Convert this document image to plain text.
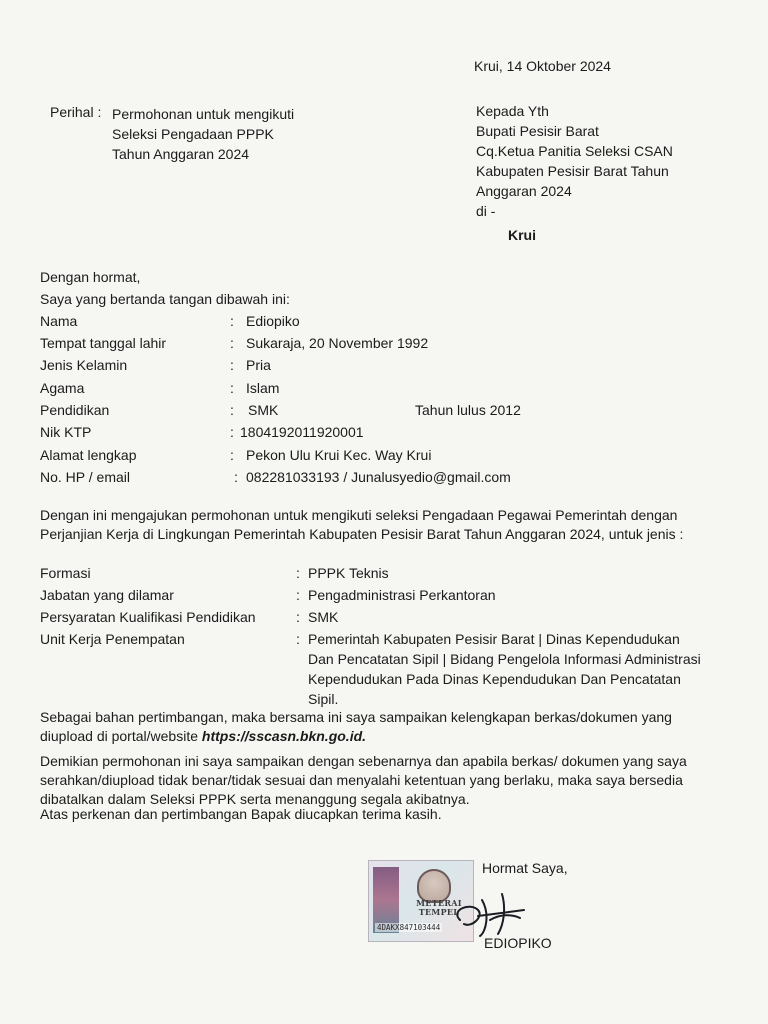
Krui, 14 Oktober 2024
Perihal : Permohonan untuk mengikuti
Seleksi Pengadaan PPPK
Tahun Anggaran 2024
Kepada Yth
Bupati Pesisir Barat
Cq.Ketua Panitia Seleksi CSAN
Kabupaten Pesisir Barat Tahun
Anggaran 2024
di -
Krui
Dengan hormat,
Saya yang bertanda tangan dibawah ini:
Nama	: Ediopiko
Tempat tanggal lahir	: Sukaraja, 20 November 1992
Jenis Kelamin	: Pria
Agama	: Islam
Pendidikan	: SMK	Tahun lulus 2012
Nik KTP	: 1804192011920001
Alamat lengkap	: Pekon Ulu Krui Kec. Way Krui
No. HP / email	: 082281033193 / Junalusyedio@gmail.com
Dengan ini mengajukan permohonan untuk mengikuti seleksi Pengadaan Pegawai Pemerintah dengan Perjanjian Kerja di Lingkungan Pemerintah Kabupaten Pesisir Barat Tahun Anggaran 2024, untuk jenis :
Formasi	: PPPK Teknis
Jabatan yang dilamar	: Pengadministrasi Perkantoran
Persyaratan Kualifikasi Pendidikan	: SMK
Unit Kerja Penempatan	: Pemerintah Kabupaten Pesisir Barat | Dinas Kependudukan Dan Pencatatan Sipil | Bidang Pengelola Informasi Administrasi Kependudukan Pada Dinas Kependudukan Dan Pencatatan Sipil.
Sebagai bahan pertimbangan, maka bersama ini saya sampaikan kelengkapan berkas/dokumen yang diupload di portal/website https://sscasn.bkn.go.id.
Demikian permohonan ini saya sampaikan dengan sebenarnya dan apabila berkas/ dokumen yang saya serahkan/diupload tidak benar/tidak sesuai dan menyalahi ketentuan yang berlaku, maka saya bersedia dibatalkan dalam Seleksi PPPK serta menanggung segala akibatnya.
Atas perkenan dan pertimbangan Bapak diucapkan terima kasih.
METERAI
TEMPEL
4DAKX847103444
Hormat Saya,
EDIOPIKO
